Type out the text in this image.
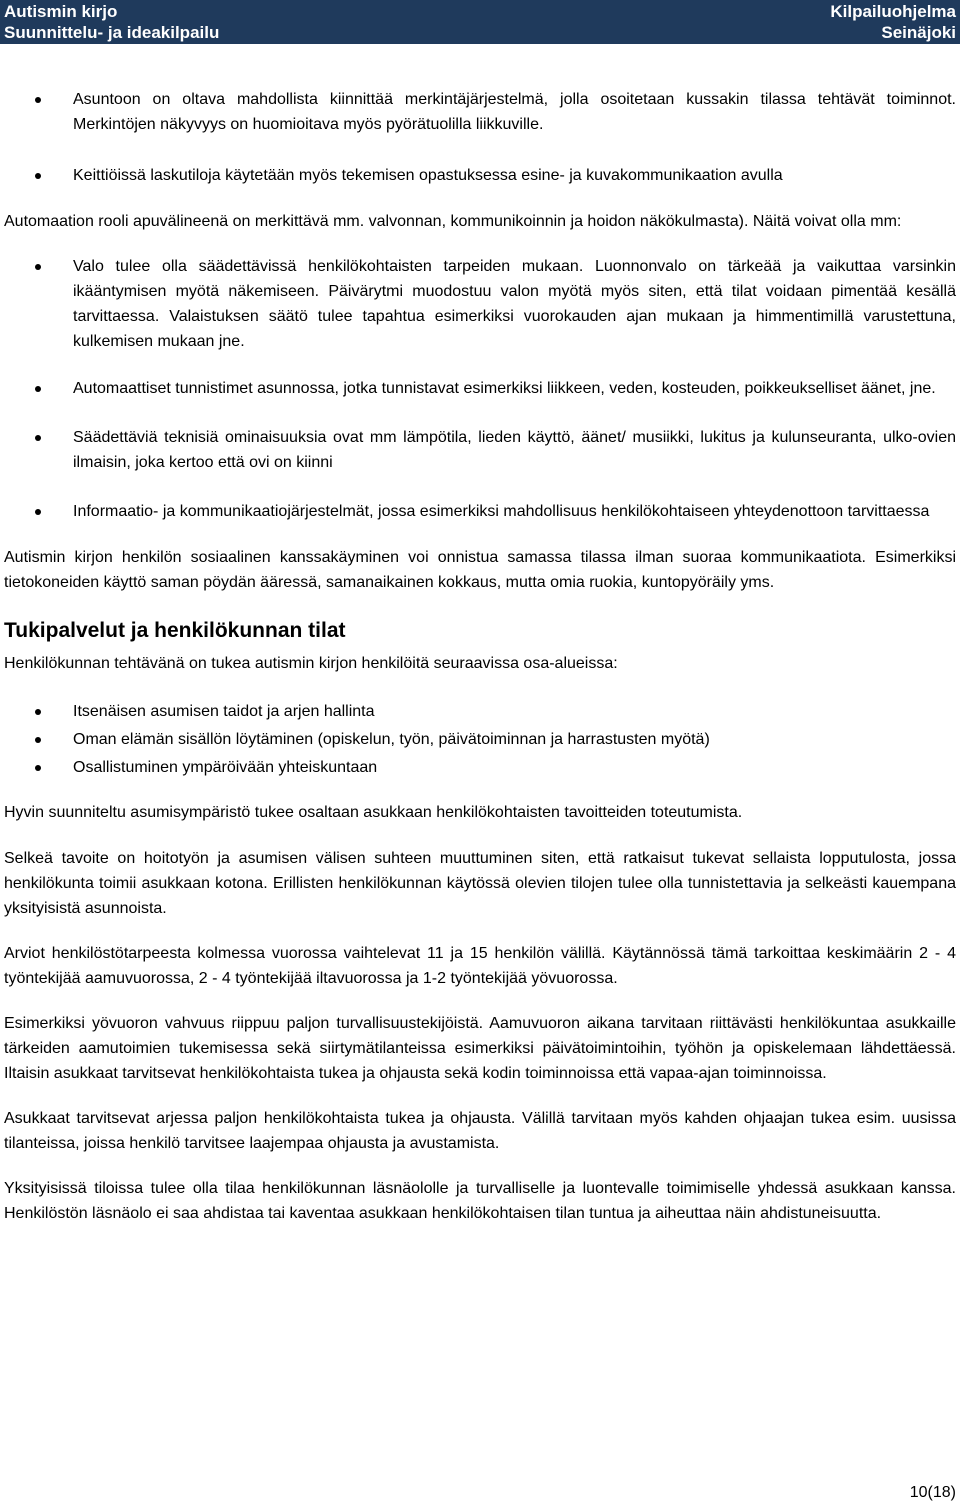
Autismin kirjo
Suunnittelu- ja ideakilpailu
Kilpailuohjelma
Seinäjoki
Asuntoon on oltava mahdollista kiinnittää merkintäjärjestelmä, jolla osoitetaan kussakin tilassa tehtävät toiminnot. Merkintöjen näkyvyys on huomioitava myös pyörätuolilla liikkuville.
Keittiöissä laskutiloja käytetään myös tekemisen opastuksessa esine- ja kuvakommunikaation avulla

Automaation rooli apuvälineenä on merkittävä mm. valvonnan, kommunikoinnin ja hoidon näkökulmasta). Näitä voivat olla mm:

Valo tulee olla säädettävissä henkilökohtaisten tarpeiden mukaan. Luonnonvalo on tärkeää ja vaikuttaa varsinkin ikääntymisen myötä näkemiseen. Päivärytmi muodostuu valon myötä myös siten, että tilat voidaan pimentää kesällä tarvittaessa. Valaistuksen säätö tulee tapahtua esimerkiksi vuorokauden ajan mukaan ja himmentimillä varustettuna, kulkemisen mukaan jne.
Automaattiset tunnistimet asunnossa, jotka tunnistavat esimerkiksi liikkeen, veden, kosteuden, poikkeukselliset äänet, jne.
Säädettäviä teknisiä ominaisuuksia ovat mm lämpötila, lieden käyttö, äänet/ musiikki, lukitus ja kulunseuranta, ulko-ovien ilmaisin, joka kertoo että ovi on kiinni
Informaatio- ja kommunikaatiojärjestelmät, jossa esimerkiksi mahdollisuus henkilökohtaiseen yhteydenottoon tarvittaessa

Autismin kirjon henkilön sosiaalinen kanssakäyminen voi onnistua samassa tilassa ilman suoraa kommunikaatiota. Esimerkiksi tietokoneiden käyttö saman pöydän ääressä, samanaikainen kokkaus, mutta omia ruokia, kuntopyöräily yms.

Tukipalvelut ja henkilökunnan tilat

Henkilökunnan tehtävänä on tukea autismin kirjon henkilöitä seuraavissa osa-alueissa:

Itsenäisen asumisen taidot ja arjen hallinta
Oman elämän sisällön löytäminen (opiskelun, työn, päivätoiminnan ja harrastusten myötä)
Osallistuminen ympäröivään yhteiskuntaan

Hyvin suunniteltu asumisympäristö tukee osaltaan asukkaan henkilökohtaisten tavoitteiden toteutumista.

Selkeä tavoite on hoitotyön ja asumisen välisen suhteen muuttuminen siten, että ratkaisut tukevat sellaista lopputulosta, jossa henkilökunta toimii asukkaan kotona. Erillisten henkilökunnan käytössä olevien tilojen tulee olla tunnistettavia ja selkeästi kauempana yksityisistä asunnoista.

Arviot henkilöstötarpeesta kolmessa vuorossa vaihtelevat 11 ja 15 henkilön välillä. Käytännössä tämä tarkoittaa keskimäärin 2 - 4 työntekijää aamuvuorossa, 2 - 4 työntekijää iltavuorossa ja 1-2 työntekijää yövuorossa.

Esimerkiksi yövuoron vahvuus riippuu paljon turvallisuustekijöistä. Aamuvuoron aikana tarvitaan riittävästi henkilökuntaa asukkaille tärkeiden aamutoimien tukemisessa sekä siirtymätilanteissa esimerkiksi päivätoimintoihin, työhön ja opiskelemaan lähdettäessä. Iltaisin asukkaat tarvitsevat henkilökohtaista tukea ja ohjausta sekä kodin toiminnoissa että vapaa-ajan toiminnoissa.

Asukkaat tarvitsevat arjessa paljon henkilökohtaista tukea ja ohjausta. Välillä tarvitaan myös kahden ohjaajan tukea esim. uusissa tilanteissa, joissa henkilö tarvitsee laajempaa ohjausta ja avustamista.

Yksityisissä tiloissa tulee olla tilaa henkilökunnan läsnäololle ja turvalliselle ja luontevalle toimimiselle yhdessä asukkaan kanssa. Henkilöstön läsnäolo ei saa ahdistaa tai kaventaa asukkaan henkilökohtaisen tilan tuntua ja aiheuttaa näin ahdistuneisuutta.

10(18)
